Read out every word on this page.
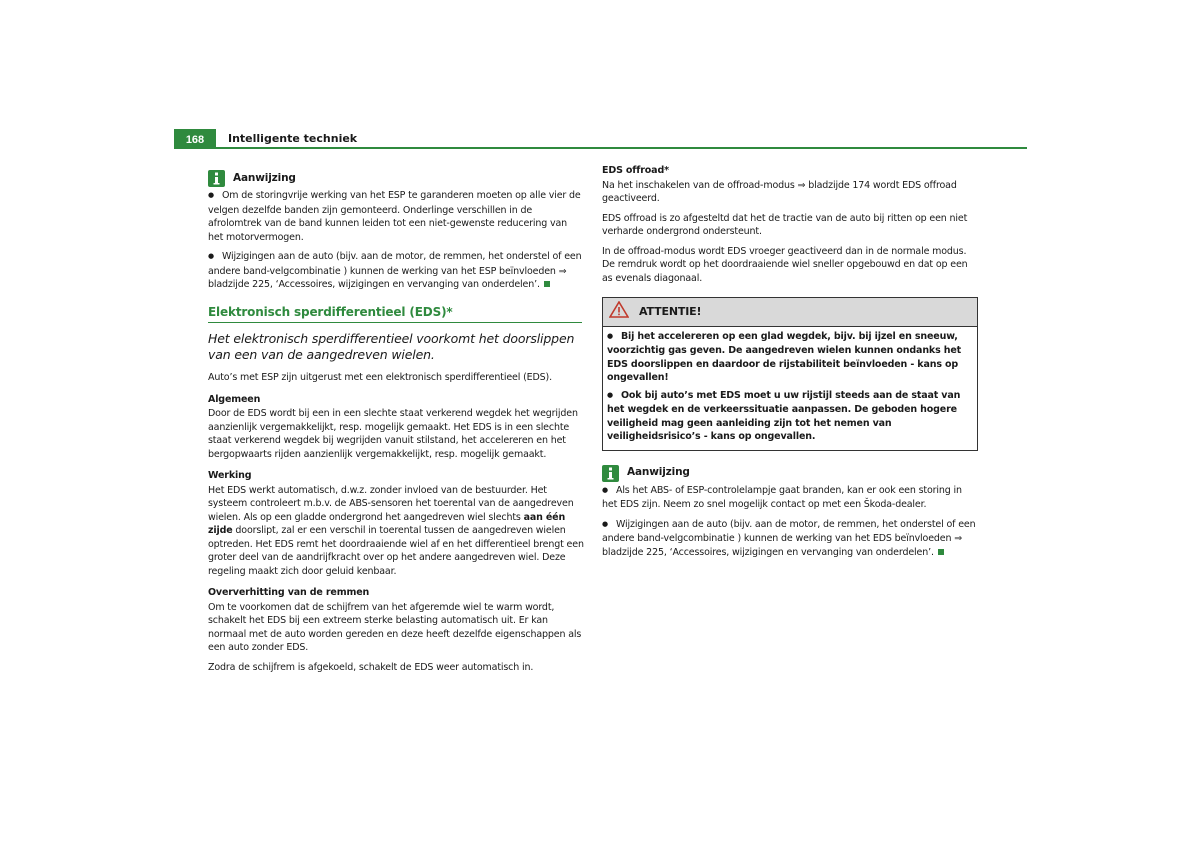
168	Intelligente techniek
Aanwijzing

● Om de storingvrije werking van het ESP te garanderen moeten op alle vier de velgen dezelfde banden zijn gemonteerd. Onderlinge verschillen in de afrolomtrek van de band kunnen leiden tot een niet-gewenste reducering van het motorvermogen.

● Wijzigingen aan de auto (bijv. aan de motor, de remmen, het onderstel of een andere band-velgcombinatie ) kunnen de werking van het ESP beïnvloeden ⇒ bladzijde 225, ‘Accessoires, wijzigingen en vervanging van onderdelen’.

Elektronisch sperdifferentieel (EDS)*
Het elektronisch sperdifferentieel voorkomt het doorslippen van een van de aangedreven wielen.

Auto’s met ESP zijn uitgerust met een elektronisch sperdifferentieel (EDS).

Algemeen

Door de EDS wordt bij een in een slechte staat verkerend wegdek het wegrijden aanzienlijk vergemakkelijkt, resp. mogelijk gemaakt. Het EDS is in een slechte staat verkerend wegdek bij wegrijden vanuit stilstand, het accelereren en het bergopwaarts rijden aanzienlijk vergemakkelijkt, resp. mogelijk gemaakt.

Werking

Het EDS werkt automatisch, d.w.z. zonder invloed van de bestuurder. Het systeem controleert m.b.v. de ABS-sensoren het toerental van de aangedreven wielen. Als op een gladde ondergrond het aangedreven wiel slechts aan één zijde doorslipt, zal er een verschil in toerental tussen de aangedreven wielen optreden. Het EDS remt het doordraaiende wiel af en het differentieel brengt een groter deel van de aandrijfkracht over op het andere aangedreven wiel. Deze regeling maakt zich door geluid kenbaar.

Oververhitting van de remmen

Om te voorkomen dat de schijfrem van het afgeremde wiel te warm wordt, schakelt het EDS bij een extreem sterke belasting automatisch uit. Er kan normaal met de auto worden gereden en deze heeft dezelfde eigenschappen als een auto zonder EDS.

Zodra de schijfrem is afgekoeld, schakelt de EDS weer automatisch in.

EDS offroad*

Na het inschakelen van de offroad-modus ⇒ bladzijde 174 wordt EDS offroad geactiveerd.

EDS offroad is zo afgesteltd dat het de tractie van de auto bij ritten op een niet verharde ondergrond ondersteunt.

In de offroad-modus wordt EDS vroeger geactiveerd dan in de normale modus. De remdruk wordt op het doordraaiende wiel sneller opgebouwd en dat op een as evenals diagonaal.

ATTENTIE!

● Bij het accelereren op een glad wegdek, bijv. bij ijzel en sneeuw, voorzichtig gas geven. De aangedreven wielen kunnen ondanks het EDS doorslippen en daardoor de rijstabiliteit beïnvloeden - kans op ongevallen!

● Ook bij auto’s met EDS moet u uw rijstijl steeds aan de staat van het wegdek en de verkeerssituatie aanpassen. De geboden hogere veiligheid mag geen aanleiding zijn tot het nemen van veiligheidsrisico’s - kans op ongevallen.

Aanwijzing

● Als het ABS- of ESP-controlelampje gaat branden, kan er ook een storing in het EDS zijn. Neem zo snel mogelijk contact op met een Škoda-dealer.

● Wijzigingen aan de auto (bijv. aan de motor, de remmen, het onderstel of een andere band-velgcombinatie ) kunnen de werking van het EDS beïnvloeden ⇒ bladzijde 225, ‘Accessoires, wijzigingen en vervanging van onderdelen’.
